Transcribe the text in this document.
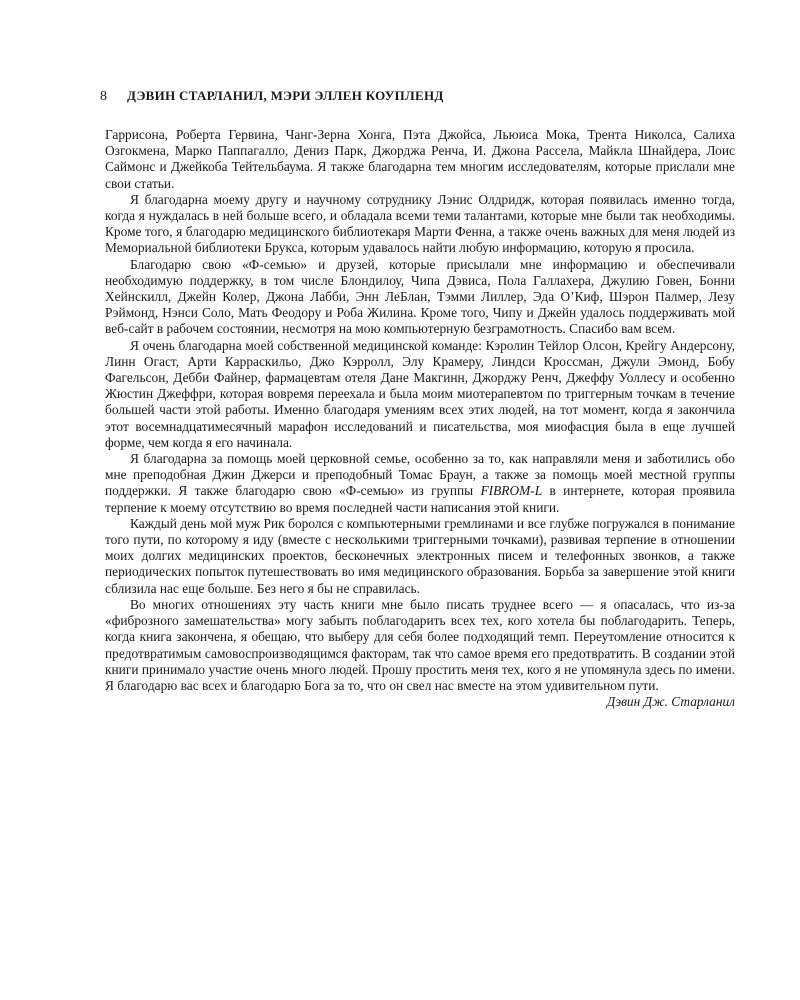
8 ДЭВИН СТАРЛАНИЛ, МЭРИ ЭЛЛЕН КОУПЛЕНД

Гаррисона, Роберта Гервина, Чанг-Зерна Хонга, Пэта Джойса, Льюиса Мока, Трента Николса, Салиха Озгокмена, Марко Паппагалло, Дениз Парк, Джорджа Ренча, И. Джона Рассела, Майкла Шнайдера, Лоис Саймонс и Джейкоба Тейтельбаума. Я также благодарна тем многим исследователям, которые прислали мне свои статьи.

Я благодарна моему другу и научному сотруднику Лэнис Олдридж, которая появилась именно тогда, когда я нуждалась в ней больше всего, и обладала всеми теми талантами, которые мне были так необходимы. Кроме того, я благодарю медицинского библиотекаря Марти Фенна, а также очень важных для меня людей из Мемориальной библиотеки Брукса, которым удавалось найти любую информацию, которую я просила.

Благодарю свою «Ф-семью» и друзей, которые присылали мне информацию и обеспечивали необходимую поддержку, в том числе Блондилоу, Чипа Дэвиса, Пола Галлахера, Джулию Говен, Бонни Хейнскилл, Джейн Колер, Джона Лабби, Энн ЛеБлан, Тэмми Лиллер, Эда О’Киф, Шэрон Палмер, Лезу Рэймонд, Нэнси Соло, Мать Феодору и Роба Жилина. Кроме того, Чипу и Джейн удалось поддерживать мой веб-сайт в рабочем состоянии, несмотря на мою компьютерную безграмотность. Спасибо вам всем.

Я очень благодарна моей собственной медицинской команде: Кэролин Тейлор Олсон, Крейгу Андерсону, Линн Огаст, Арти Карраскильо, Джо Кэрролл, Элу Крамеру, Линдси Кроссман, Джули Эмонд, Бобу Фагельсон, Дебби Файнер, фармацевтам отеля Дане Макгинн, Джорджу Ренч, Джеффу Уоллесу и особенно Жюстин Джеффри, которая вовремя переехала и была моим миотерапевтом по триггерным точкам в течение большей части этой работы. Именно благодаря умениям всех этих людей, на тот момент, когда я закончила этот восемнадцатимесячный марафон исследований и писательства, моя миофасция была в еще лучшей форме, чем когда я его начинала.

Я благодарна за помощь моей церковной семье, особенно за то, как направляли меня и заботились обо мне преподобная Джин Джерси и преподобный Томас Браун, а также за помощь моей местной группы поддержки. Я также благодарю свою «Ф-семью» из группы FIBROM-L в интернете, которая проявила терпение к моему отсутствию во время последней части написания этой книги.

Каждый день мой муж Рик боролся с компьютерными гремлинами и все глубже погружался в понимание того пути, по которому я иду (вместе с несколькими триггерными точками), развивая терпение в отношении моих долгих медицинских проектов, бесконечных электронных писем и телефонных звонков, а также периодических попыток путешествовать во имя медицинского образования. Борьба за завершение этой книги сблизила нас еще больше. Без него я бы не справилась.

Во многих отношениях эту часть книги мне было писать труднее всего — я опасалась, что из-за «фиброзного замешательства» могу забыть поблагодарить всех тех, кого хотела бы поблагодарить. Теперь, когда книга закончена, я обещаю, что выберу для себя более подходящий темп. Переутомление относится к предотвратимым самовоспроизводящимся факторам, так что самое время его предотвратить. В создании этой книги принимало участие очень много людей. Прошу простить меня тех, кого я не упомянула здесь по имени. Я благодарю вас всех и благодарю Бога за то, что он свел нас вместе на этом удивительном пути.

Дэвин Дж. Старланил
